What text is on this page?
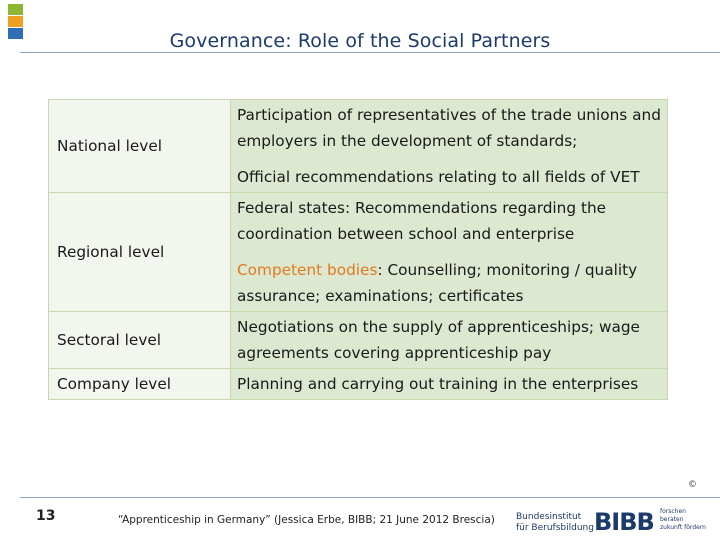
Governance: Role of the Social Partners
National level	Participation of representatives of the trade unions and employers in the development of standards;

Official recommendations relating to all fields of VET

Regional level	Federal states: Recommendations regarding the coordination between school and enterprise

Competent bodies: Counselling; monitoring / quality assurance; examinations; certificates

Sectoral level	Negotiations on the supply of apprenticeships; wage agreements covering apprenticeship pay

Company level	Planning and carrying out training in the enterprises

13	“Apprenticeship in Germany” (Jessica Erbe, BIBB; 21 June 2012 Brescia) Bundesinstitut
für Berufsbildung BIBB forschen
beraten
zukunft fördern
©
